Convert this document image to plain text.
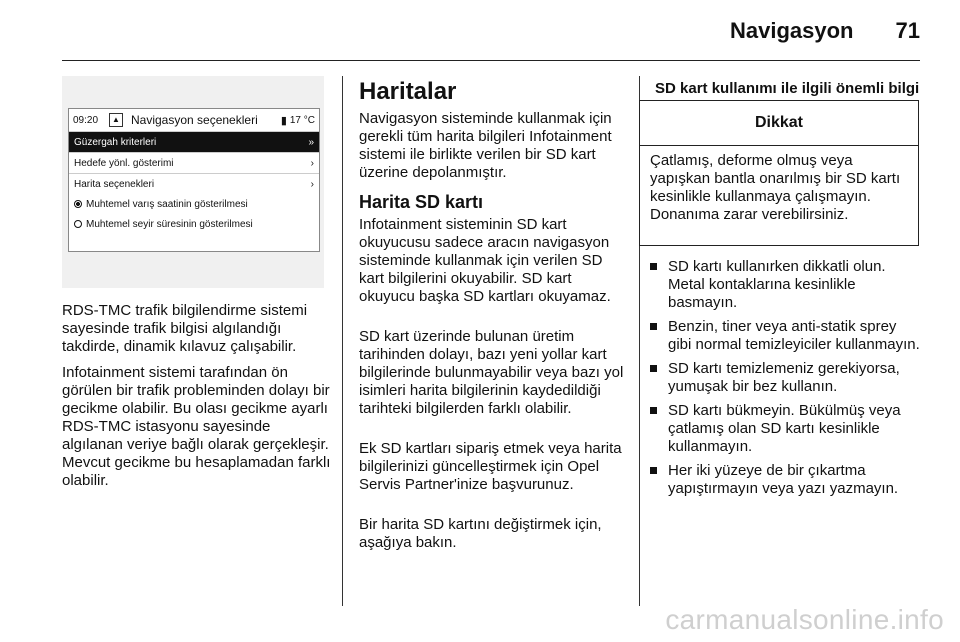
Navigasyon 71
09:20	▲ Navigasyon seçenekleri	▮ 17 °C
Güzergah kriterleri	»
Hedefe yönl. gösterimi	›
Harita seçenekleri	›
Muhtemel varış saatinin gösterilmesi
Muhtemel seyir süresinin gösterilmesi

RDS-TMC trafik bilgilendirme sistemi sayesinde trafik bilgisi algılandığı takdirde, dinamik kılavuz çalışabilir.

Infotainment sistemi tarafından ön görülen bir trafik probleminden dolayı bir gecikme olabilir. Bu olası gecikme ayarlı RDS-TMC istasyonu sayesinde algılanan veriye bağlı olarak gerçekleşir. Mevcut gecikme bu hesaplamadan farklı olabilir.

Haritalar

Navigasyon sisteminde kullanmak için gerekli tüm harita bilgileri Infotainment sistemi ile birlikte verilen bir SD kart üzerine depolanmıştır.

Harita SD kartı

Infotainment sisteminin SD kart okuyucusu sadece aracın navigasyon sisteminde kullanmak için verilen SD kart bilgilerini okuyabilir. SD kart okuyucu başka SD kartları okuyamaz.

SD kart üzerinde bulunan üretim tarihinden dolayı, bazı yeni yollar kart bilgilerinde bulunmayabilir veya bazı yol isimleri harita bilgilerinin kaydedildiği tarihteki bilgilerden farklı olabilir.

Ek SD kartları sipariş etmek veya harita bilgilerinizi güncelleştirmek için Opel Servis Partner'inize başvurunuz.

Bir harita SD kartını değiştirmek için, aşağıya bakın.

SD kart kullanımı ile ilgili önemli bilgi
Dikkat
Çatlamış, deforme olmuş veya yapışkan bantla onarılmış bir SD kartı kesinlikle kullanmaya çalışmayın. Donanıma zarar verebilirsiniz.
SD kartı kullanırken dikkatli olun. Metal kontaklarına kesinlikle basmayın.
Benzin, tiner veya anti-statik sprey gibi normal temizleyiciler kullanmayın.
SD kartı temizlemeniz gerekiyorsa, yumuşak bir bez kullanın.
SD kartı bükmeyin. Bükülmüş veya çatlamış olan SD kartı kesinlikle kullanmayın.
Her iki yüzeye de bir çıkartma yapıştırmayın veya yazı yazmayın.
carmanualsonline.info
